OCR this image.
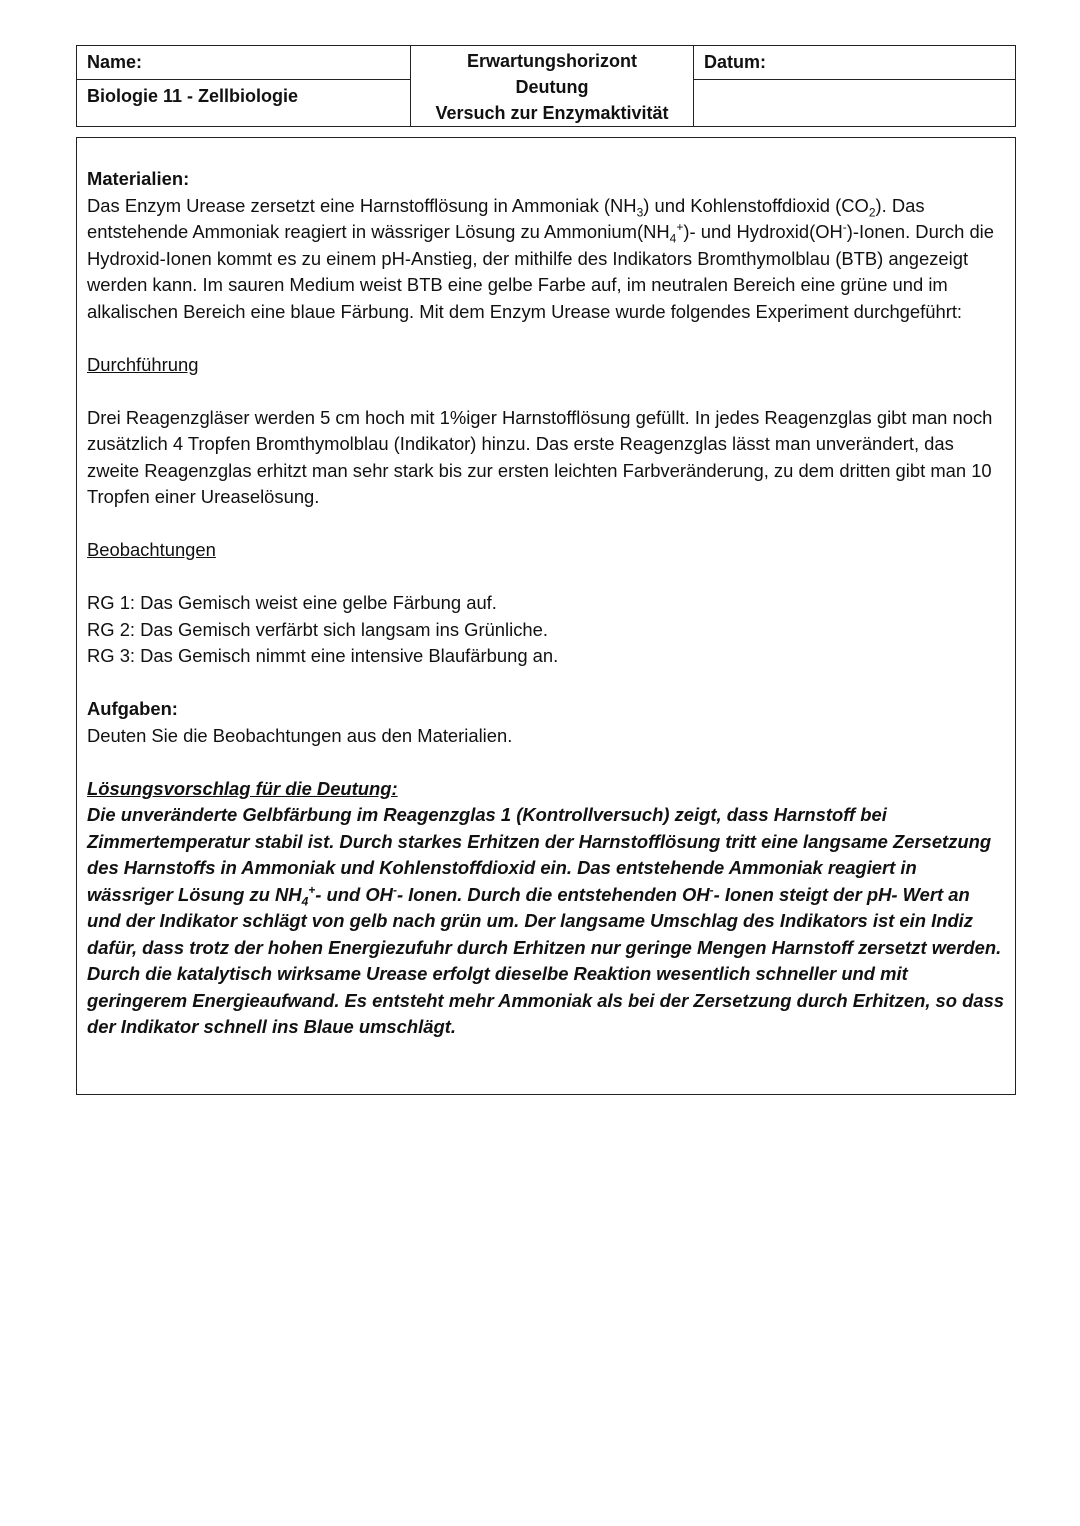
Name:
Biologie 11 - Zellbiologie
Erwartungshorizont
Deutung
Versuch zur Enzymaktivität
Datum:

Materialien:

Das Enzym Urease zersetzt eine Harnstofflösung in Ammoniak $(NH_3)$ und Kohlenstoffdioxid $(CO_2)$. Das entstehende Ammoniak reagiert in wässriger Lösung zu $Ammonium(NH_4^+)-$ und Hydroxid(OH-)-Ionen. Durch die Hydroxid-Ionen kommt es zu einem pH-Anstieg, der mithilfe des Indikators Bromthymolblau (BTB) angezeigt werden kann. Im sauren Medium weist BTB eine gelbe Farbe auf, im neutralen Bereich eine grüne und im alkalischen Bereich eine blaue Färbung. Mit dem Enzym Urease wurde folgendes Experiment durchgeführt:

Durchführung

Drei Reagenzgläser werden 5 cm hoch mit 1%iger Harnstofflösung gefüllt. In jedes Reagenzglas gibt man noch zusätzlich 4 Tropfen Bromthymolblau (Indikator) hinzu. Das erste Reagenzglas lässt man unverändert, das zweite Reagenzglas erhitzt man sehr stark bis zur ersten leichten Farbveränderung, zu dem dritten gibt man 10 Tropfen einer Ureaselösung.

Beobachtungen

RG 1: Das Gemisch weist eine gelbe Färbung auf.

RG 2: Das Gemisch verfärbt sich langsam ins Grünliche.

RG 3: Das Gemisch nimmt eine intensive Blaufärbung an.

Aufgaben:

Deuten Sie die Beobachtungen aus den Materialien.

Lösungsvorschlag für die Deutung:

Die unveränderte Gelbfärbung im Reagenzglas 1 (Kontrollversuch) zeigt, dass Harnstoff bei Zimmertemperatur stabil ist. Durch starkes Erhitzen der Harnstofflösung tritt eine langsame Zersetzung des Harnstoffs in Ammoniak und Kohlenstoffdioxid ein. Das entstehende Ammoniak reagiert in wässriger Lösung zu $NH_4^+-$ und OH-- Ionen. Durch die entstehenden OH-- Ionen steigt der pH- Wert an und der Indikator schlägt von gelb nach grün um. Der langsame Umschlag des Indikators ist ein Indiz dafür, dass trotz der hohen Energiezufuhr durch Erhitzen nur geringe Mengen Harnstoff zersetzt werden. Durch die katalytisch wirksame Urease erfolgt dieselbe Reaktion wesentlich schneller und mit geringerem Energieaufwand. Es entsteht mehr Ammoniak als bei der Zersetzung durch Erhitzen, so dass der Indikator schnell ins Blaue umschlägt.
